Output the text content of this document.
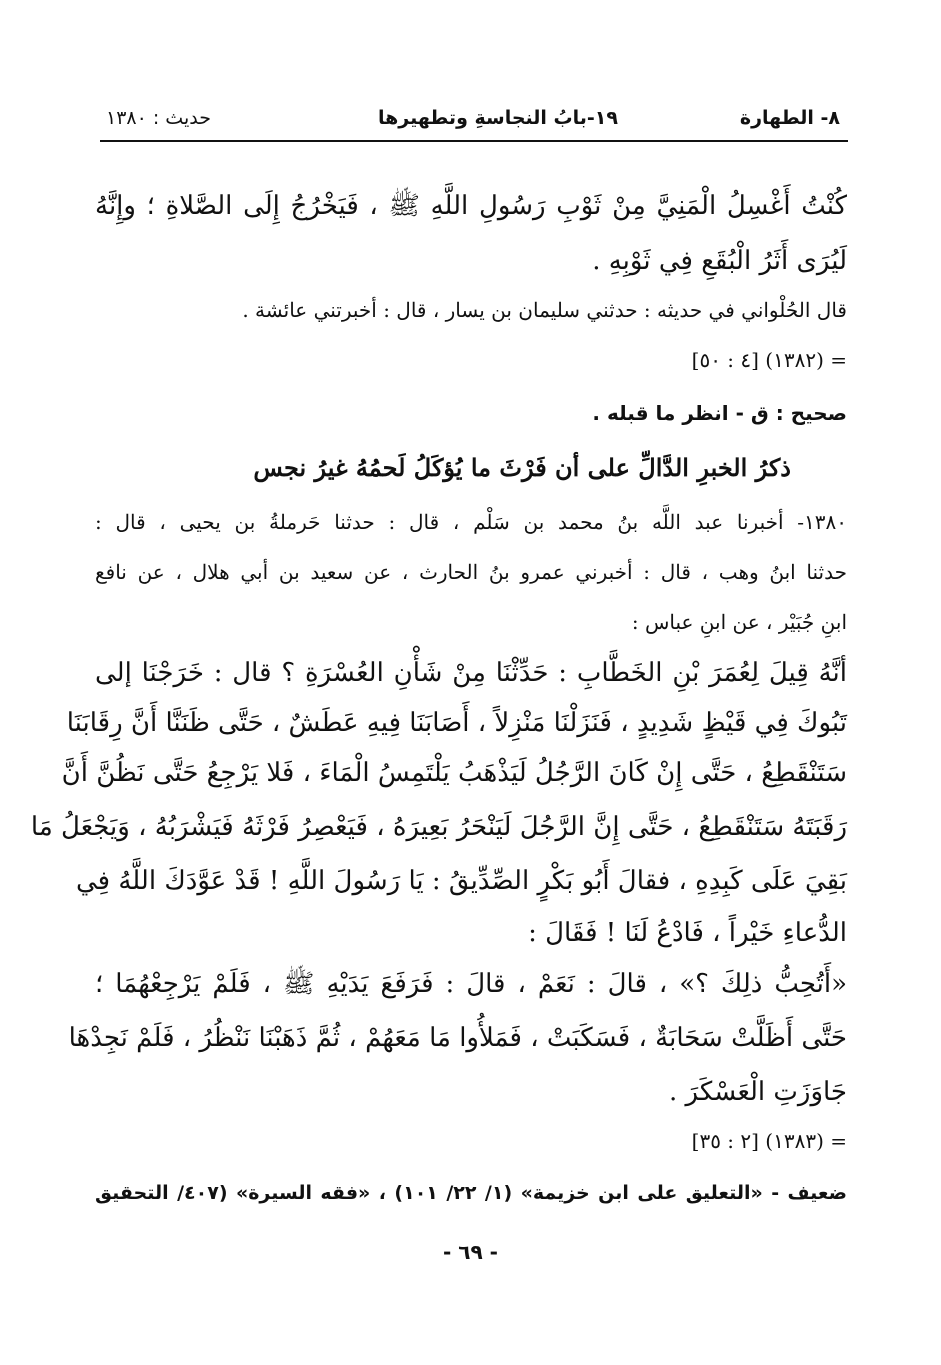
٨- الطهارة
١٩-بابُ النجاسةِ وتطهيرها
حديث : ١٣٨٠

كُنْتُ أَغْسِلُ الْمَنِيَّ مِنْ ثَوْبِ رَسُولِ اللَّهِ ﷺ ، فَيَخْرُجُ إِلَى الصَّلاةِ ؛ وإِنَّهُ

لَيُرَى أَثَرُ الْبُقَعِ فِي ثَوْبِهِ .

قال الحُلْواني في حديثه : حدثني سليمان بن يسار ، قال : أخبرتني عائشة .

= (١٣٨٢) [٤ : ٥٠]

صحيح : ق - انظر ما قبله .

ذكرُ الخبرِ الدَّالِّ على أن فَرْثَ ما يُؤكَلُ لَحمُهُ غيرُ نجس

١٣٨٠- أخبرنا عبد اللَّه بنُ محمد بن سَلْم ، قال : حدثنا حَرملةُ بن يحيى ، قال :

حدثنا ابنُ وهب ، قال : أخبرني عمرو بنُ الحارث ، عن سعيد بن أبي هلال ، عن نافع

ابنِ جُبَيْر ، عن ابنِ عباس :

أنَّهُ قِيلَ لِعُمَرَ بْنِ الخَطَّابِ : حَدِّثْنَا مِنْ شَأْنِ العُسْرَةِ ؟ قال : خَرَجْنَا إلى

تَبُوكَ فِي قَيْظٍ شَدِيدٍ ، فَنَزَلْنَا مَنْزِلاً ، أَصَابَنَا فِيهِ عَطَشٌ ، حَتَّى ظَنَنَّا أَنَّ رِقَابَنَا

سَتَنْقَطِعُ ، حَتَّى إِنْ كَانَ الرَّجُلُ لَيَذْهَبُ يَلْتَمِسُ الْمَاءَ ، فَلا يَرْجِعُ حَتَّى نَظُنَّ أَنَّ

رَقَبَتَهُ سَتَنْقَطِعُ ، حَتَّى إِنَّ الرَّجُلَ لَيَنْحَرُ بَعِيرَهُ ، فَيَعْصِرُ فَرْثَهُ فَيَشْرَبُهُ ، وَيَجْعَلُ مَا

بَقِيَ عَلَى كَبِدِهِ ، فقالَ أَبُو بَكْرٍ الصِّدِّيقُ : يَا رَسُولَ اللَّهِ ! قَدْ عَوَّدَكَ اللَّهُ فِي

الدُّعاءِ خَيْراً ، فَادْعُ لَنَا ! فَقَالَ :

«أَتُحِبُّ ذلِكَ ؟» ، قالَ : نَعَمْ ، قالَ : فَرَفَعَ يَدَيْهِ ﷺ ، فَلَمْ يَرْجِعْهُمَا ؛

حَتَّى أَظَلَّتْ سَحَابَةٌ ، فَسَكَبَتْ ، فَمَلأُوا مَا مَعَهُمْ ، ثُمَّ ذَهَبْنَا نَنْظُرُ ، فَلَمْ نَجِدْهَا

جَاوَزَتِ الْعَسْكَرَ .

= (١٣٨٣) [٢ : ٣٥]

ضعيف - «التعليق على ابن خزيمة» (١/ ٢٢/ ١٠١) ، «فقه السيرة» (٤٠٧/ التحقيق

- ٦٩ -
